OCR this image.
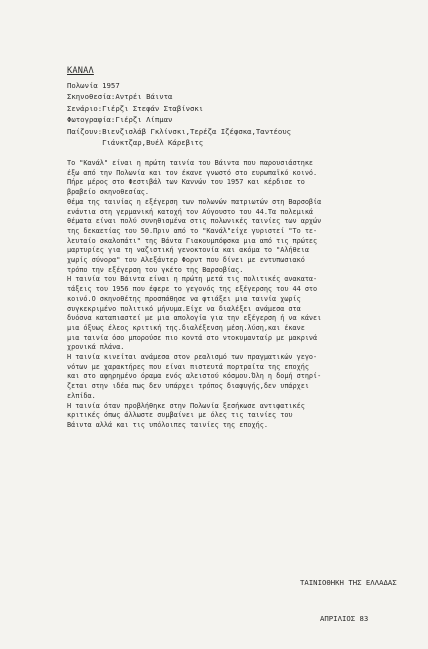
ΚΑΝΑΛ
Πολωνία 1957
Σκηνοθεσία:Αντρέι Βάιντα
Σενάριο:Γιέρζι Στεφάν Σταβίνσκι
Φωτογραφία:Γιέρζι Λίπμαν
Παίζουν:Βιενζισλάβ Γκλίνσκι,Τερέζα Ιζέφσκα,Ταντέους
Γιάνκτζαρ,Βυέλ Κάρεβιτς
Το "Κανάλ" είναι η πρώτη ταινία του Βάιντα που παρουσιάστηκε
έξω από την Πολωνία και τον έκανε γνωστό στο ευρωπαϊκό κοινό.
Πήρε μέρος στο Φεστιβάλ των Καννών του 1957 και κέρδισε το
βραβείο σκηνοθεσίας.
Θέμα της ταινίας η εξέγερση των πολωνών πατριωτών στη Βαρσοβία
ενάντια στη γερμανική κατοχή τον Αύγουστο του 44.Τα πολεμικά
θέματα είναι πολύ συνηθισμένα στις πολωνικές ταινίες των αρχών
της δεκαετίας του 50.Πριν από το "Κανάλ"είχε γυριστεί "Το τε-
λευταίο σκαλοπάτι" της Βάντα Γιακουμπόφσκα μια από τις πρώτες
μαρτυρίες για τη ναζιστική γενοκτονία και ακόμα το "Αλήθεια
χωρίς σύνορα" του Αλεξάντερ Φορντ που δίνει με εντυπωσιακό
τρόπο την εξέγερση του γκέτο της Βαρσοβίας.
Η ταινία του Βάιντα είναι η πρώτη μετά τις πολιτικές ανακατα-
τάξεις του 1956 που έφερε το γεγονός της εξέγερσης του 44 στο
κοινό.Ο σκηνοθέτης προσπάθησε να φτιάξει μια ταινία χωρίς
συγκεκριμένο πολιτικό μήνυμα.Είχε να διαλέξει ανάμεσα στα
δυόσνα καταπιαστεί με μια απολογία για την εξέγερση ή να κάνει
μια όξυως έλεος κριτική της.διαλέξενση μέση.λύση,και έκανε
μια ταινία όσο μπορούσε πιο κοντά στο ντοκυμανταίρ με μακρινά
χρονικά πλάνα.
Η ταινία κινείται ανάμεσα στον ρεαλισμό των πραγματικών γεγο-
νότων με χαρακτήρες που είναι πιστευτά πορτραίτα της εποχής
και στο αφηρημένο όραμα ενός αλειστού κόσμου.Όλη η δομή στηρί-
ζεται στην ιδέα πως δεν υπάρχει τρόπος διαφυγής,δεν υπάρχει
ελπίδα.
Η ταινία όταν προβλήθηκε στην Πολωνία ξεσήκωσε αντιφατικές
κριτικές όπως άλλωστε συμβαίνει με όλες τις ταινίες του
Βάιντα αλλά και τις υπόλοιπες ταινίες της εποχής.

ΤΑΙΝΙΟΘΗΚΗ ΤΗΣ ΕΛΛΑΔΑΣ

ΑΠΡΙΛΙΟΣ 83
